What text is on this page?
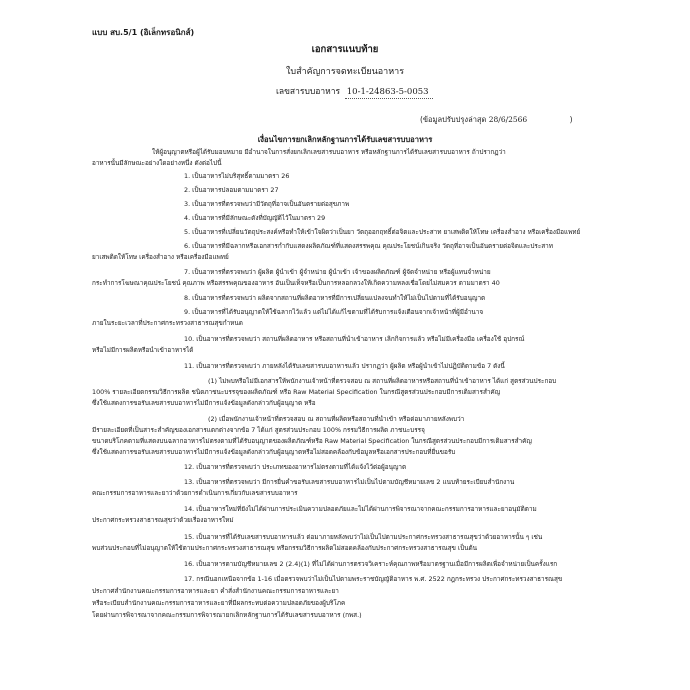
แบบ สบ.5/1 (อิเล็กทรอนิกส์)
เอกสารแนบท้าย
ใบสำคัญการจดทะเบียนอาหาร
เลขสารบบอาหาร 10-1-24863-5-0053
(ข้อมูลปรับปรุงล่าสุด 28/6/2566	)
เงื่อนไขการยกเลิกหลักฐานการได้รับเลขสารบบอาหาร
ให้ผู้อนุญาตหรือผู้ได้รับมอบหมาย มีอำนาจในการสั่งยกเลิกเลขสารบบอาหาร หรือหลักฐานการได้รับเลขสารบบอาหาร ถ้าปรากฏว่า
อาหารนั้นมีลักษณะอย่างใดอย่างหนึ่ง ดังต่อไปนี้
1. เป็นอาหารไม่บริสุทธิ์ตามมาตรา 26
2. เป็นอาหารปลอมตามมาตรา 27
3. เป็นอาหารที่ตรวจพบว่ามีวัตถุที่อาจเป็นอันตรายต่อสุขภาพ
4. เป็นอาหารที่มีลักษณะดังที่บัญญัติไว้ในมาตรา 29
5. เป็นอาหารที่เปลี่ยนวัตถุประสงค์หรือทำให้เข้าใจผิดว่าเป็นยา วัตถุออกฤทธิ์ต่อจิตและประสาท ยาเสพติดให้โทษ เครื่องสำอาง หรือเครื่องมือแพทย์
6. เป็นอาหารที่มีฉลากหรือเอกสารกำกับแสดงผลิตภัณฑ์ที่แสดงสรรพคุณ คุณประโยชน์เกินจริง วัตถุที่อาจเป็นอันตรายต่อจิตและประสาท
ยาเสพติดให้โทษ เครื่องสำอาง หรือเครื่องมือแพทย์
7. เป็นอาหารที่ตรวจพบว่า ผู้ผลิต ผู้นำเข้า ผู้จำหน่าย ผู้นำเข้า เจ้าของผลิตภัณฑ์ ผู้จัดจำหน่าย หรือผู้แทนจำหน่าย
กระทำการโฆษณาคุณประโยชน์ คุณภาพ หรือสรรพคุณของอาหาร อันเป็นเท็จหรือเป็นการหลอกลวงให้เกิดความหลงเชื่อโดยไม่สมควร ตามมาตรา 40
8. เป็นอาหารที่ตรวจพบว่า ผลิตจากสถานที่ผลิตอาหารที่มีการเปลี่ยนแปลงจนทำให้ไม่เป็นไปตามที่ได้รับอนุญาต
9. เป็นอาหารที่ได้รับอนุญาตให้ใช้ฉลากไว้แล้ว แต่ไม่ได้แก้ไขตามที่ได้รับการแจ้งเตือนจากเจ้าหน้าที่ผู้มีอำนาจ
ภายในระยะเวลาที่ประกาศกระทรวงสาธารณสุขกำหนด
10. เป็นอาหารที่ตรวจพบว่า สถานที่ผลิตอาหาร หรือสถานที่นำเข้าอาหาร เลิกกิจการแล้ว หรือไม่มีเครื่องมือ เครื่องใช้ อุปกรณ์
หรือไม่มีการผลิตหรือนำเข้าอาหารได้
11. เป็นอาหารที่ตรวจพบว่า ภายหลังได้รับเลขสารบบอาหารแล้ว ปรากฏว่า ผู้ผลิต หรือผู้นำเข้าไม่ปฏิบัติตามข้อ 7 ดังนี้
(1) ไม่พบหรือไม่มีเอกสารให้พนักงานเจ้าหน้าที่ตรวจสอบ ณ สถานที่ผลิตอาหารหรือสถานที่นำเข้าอาหาร ได้แก่ สูตรส่วนประกอบ
100% รายละเอียดกรรมวิธีการผลิต ชนิดภาชนะบรรจุของผลิตภัณฑ์ หรือ Raw Material Specification ในกรณีสูตรส่วนประกอบมีการเติมสารสำคัญ
ซึ่งใช้แสดงการขอรับเลขสารบบอาหารไม่มีการแจ้งข้อมูลดังกล่าวกับผู้อนุญาต หรือ
(2) เมื่อพนักงานเจ้าหน้าที่ตรวจสอบ ณ สถานที่ผลิตหรือสถานที่นำเข้า หรือต่อมาภายหลังพบว่า
มีรายละเอียดที่เป็นสาระสำคัญของเอกสารแตกต่างจากข้อ 7 ได้แก่ สูตรส่วนประกอบ 100% กรรมวิธีการผลิต ภาชนะบรรจุ
ขนาดบริโภคตามที่แสดงบนฉลากอาหารไม่ตรงตามที่ได้รับอนุญาตของผลิตภัณฑ์หรือ Raw Material Specification ในกรณีสูตรส่วนประกอบมีการเติมสารสำคัญ
ซึ่งใช้แสดงการขอรับเลขสารบบอาหารไม่มีการแจ้งข้อมูลดังกล่าวกับผู้อนุญาตหรือไม่สอดคล้องกับข้อมูลหรือเอกสารประกอบที่ยื่นขอรับ
12. เป็นอาหารที่ตรวจพบว่า ประเภทของอาหารไม่ตรงตามที่ได้แจ้งไว้ต่อผู้อนุญาต
13. เป็นอาหารที่ตรวจพบว่า มีการยื่นคำขอรับเลขสารบบอาหารไม่เป็นไปตามบัญชีหมายเลข 2 แนบท้ายระเบียบสำนักงาน
คณะกรรมการอาหารและยาว่าด้วยการดำเนินการเกี่ยวกับเลขสารบบอาหาร
14. เป็นอาหารใหม่ที่ยังไม่ได้ผ่านการประเมินความปลอดภัยและไม่ได้ผ่านการพิจารณาจากคณะกรรมการอาหารและยาอนุมัติตาม
ประกาศกระทรวงสาธารณสุขว่าด้วยเรื่องอาหารใหม่
15. เป็นอาหารที่ได้รับเลขสารบบอาหารแล้ว ต่อมาภายหลังพบว่าไม่เป็นไปตามประกาศกระทรวงสาธารณสุขว่าด้วยอาหารนั้น ๆ เช่น
พบส่วนประกอบที่ไม่อนุญาตให้ใช้ตามประกาศกระทรวงสาธารณสุข หรือกรรมวิธีการผลิตไม่สอดคล้องกับประกาศกระทรวงสาธารณสุข เป็นต้น
16. เป็นอาหารตามบัญชีหมายเลข 2 (2.4)(1) ที่ไม่ได้ผ่านการตรวจวิเคราะห์คุณภาพหรือมาตรฐานเมื่อมีการผลิตเพื่อจำหน่ายเป็นครั้งแรก
17. กรณีนอกเหนือจากข้อ 1-16 เมื่อตรวจพบว่าไม่เป็นไปตามพระราชบัญญัติอาหาร พ.ศ. 2522 กฎกระทรวง ประกาศกระทรวงสาธารณสุข
ประกาศสำนักงานคณะกรรมการอาหารและยา คำสั่งสำนักงานคณะกรรมการอาหารและยา
หรือระเบียบสำนักงานคณะกรรมการอาหารและยาที่มีผลกระทบต่อความปลอดภัยของผู้บริโภค
โดยผ่านการพิจารณาจากคณะกรรมการพิจารณายกเลิกหลักฐานการได้รับเลขสารบบอาหาร (กพส.)
